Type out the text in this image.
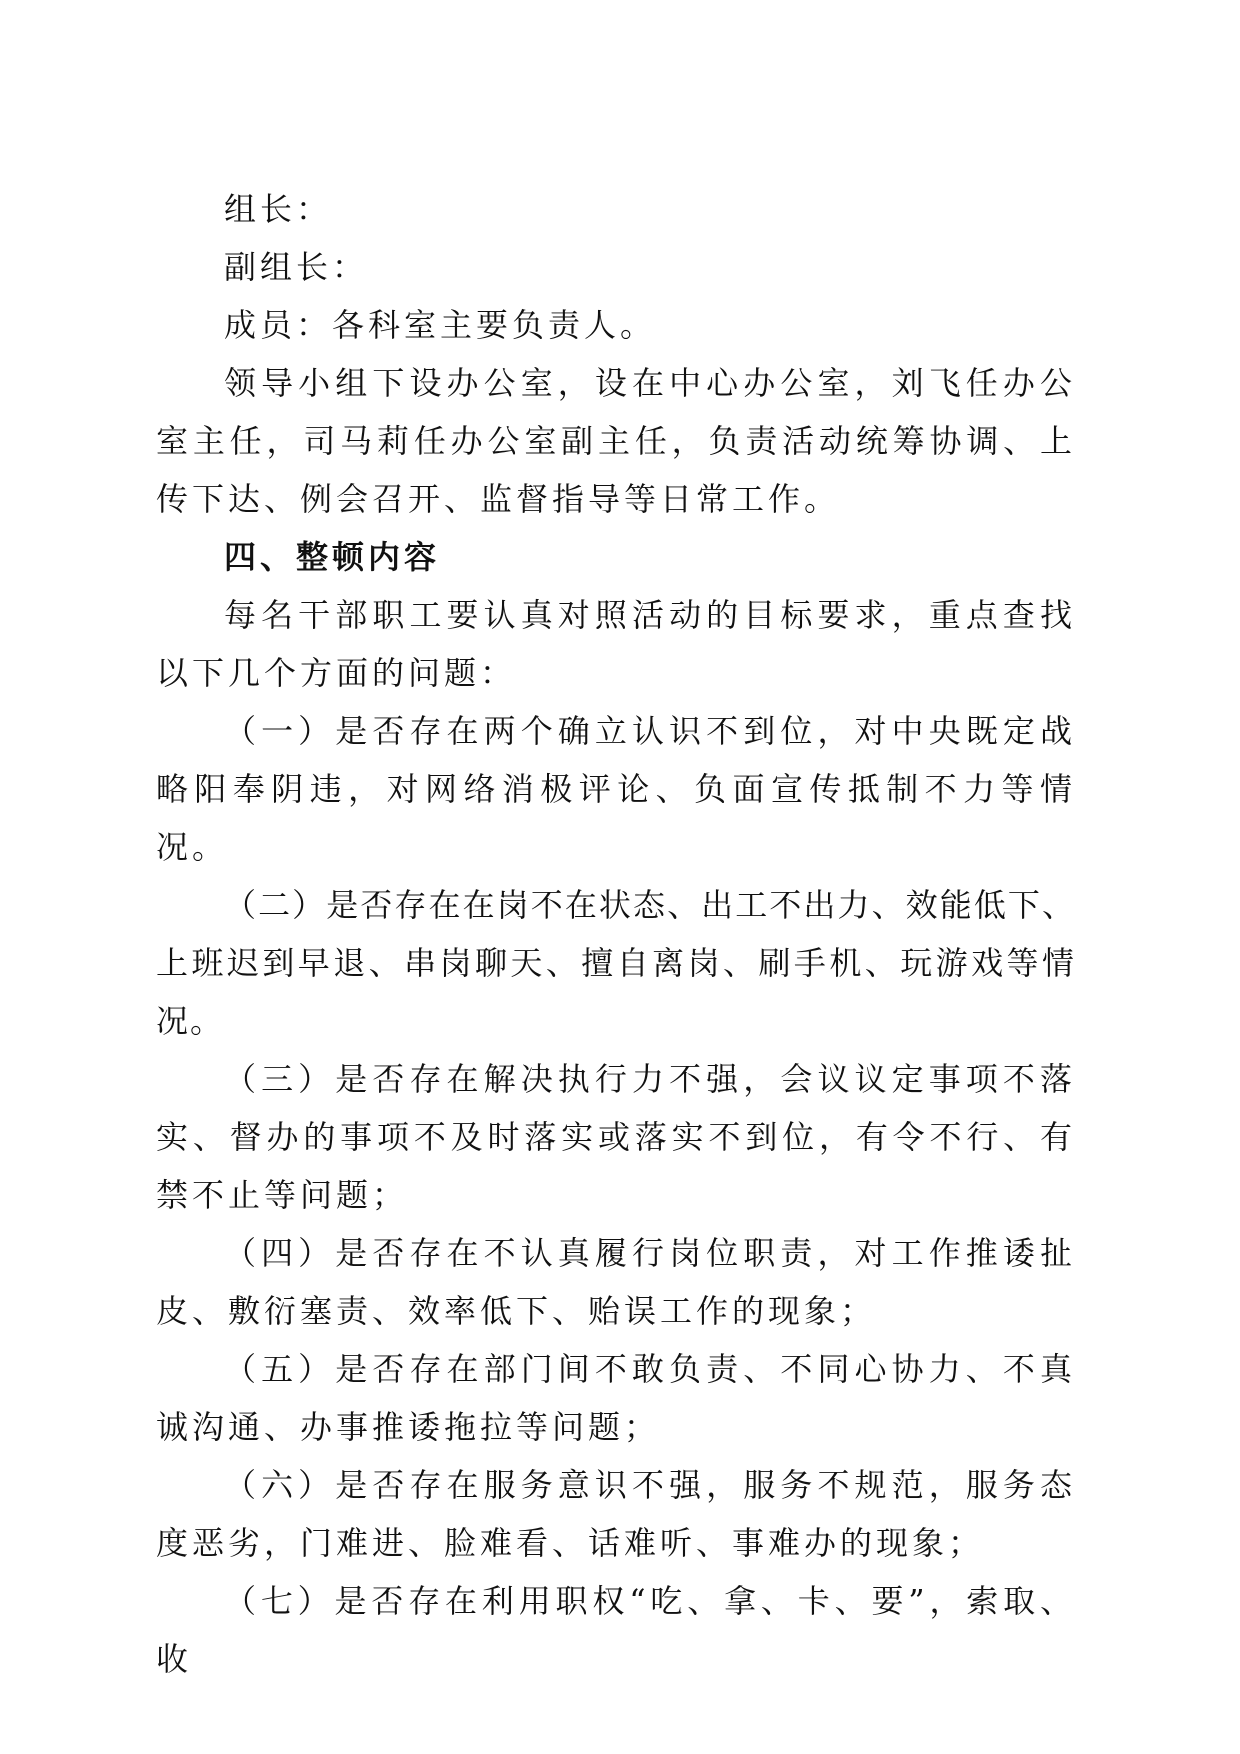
组长：

副组长：

成员：各科室主要负责人。

领导小组下设办公室，设在中心办公室，刘飞任办公室主任，司马莉任办公室副主任，负责活动统筹协调、上传下达、例会召开、监督指导等日常工作。

四、整顿内容

每名干部职工要认真对照活动的目标要求，重点查找以下几个方面的问题：

（一）是否存在两个确立认识不到位，对中央既定战略阳奉阴违，对网络消极评论、负面宣传抵制不力等情况。

（二）是否存在在岗不在状态、出工不出力、效能低下、上班迟到早退、串岗聊天、擅自离岗、刷手机、玩游戏等情况。

（三）是否存在解决执行力不强，会议议定事项不落实、督办的事项不及时落实或落实不到位，有令不行、有禁不止等问题；

（四）是否存在不认真履行岗位职责，对工作推诿扯皮、敷衍塞责、效率低下、贻误工作的现象；

（五）是否存在部门间不敢负责、不同心协力、不真诚沟通、办事推诿拖拉等问题；

（六）是否存在服务意识不强，服务不规范，服务态度恶劣，门难进、脸难看、话难听、事难办的现象；

（七）是否存在利用职权“吃、拿、卡、要”，索取、收
